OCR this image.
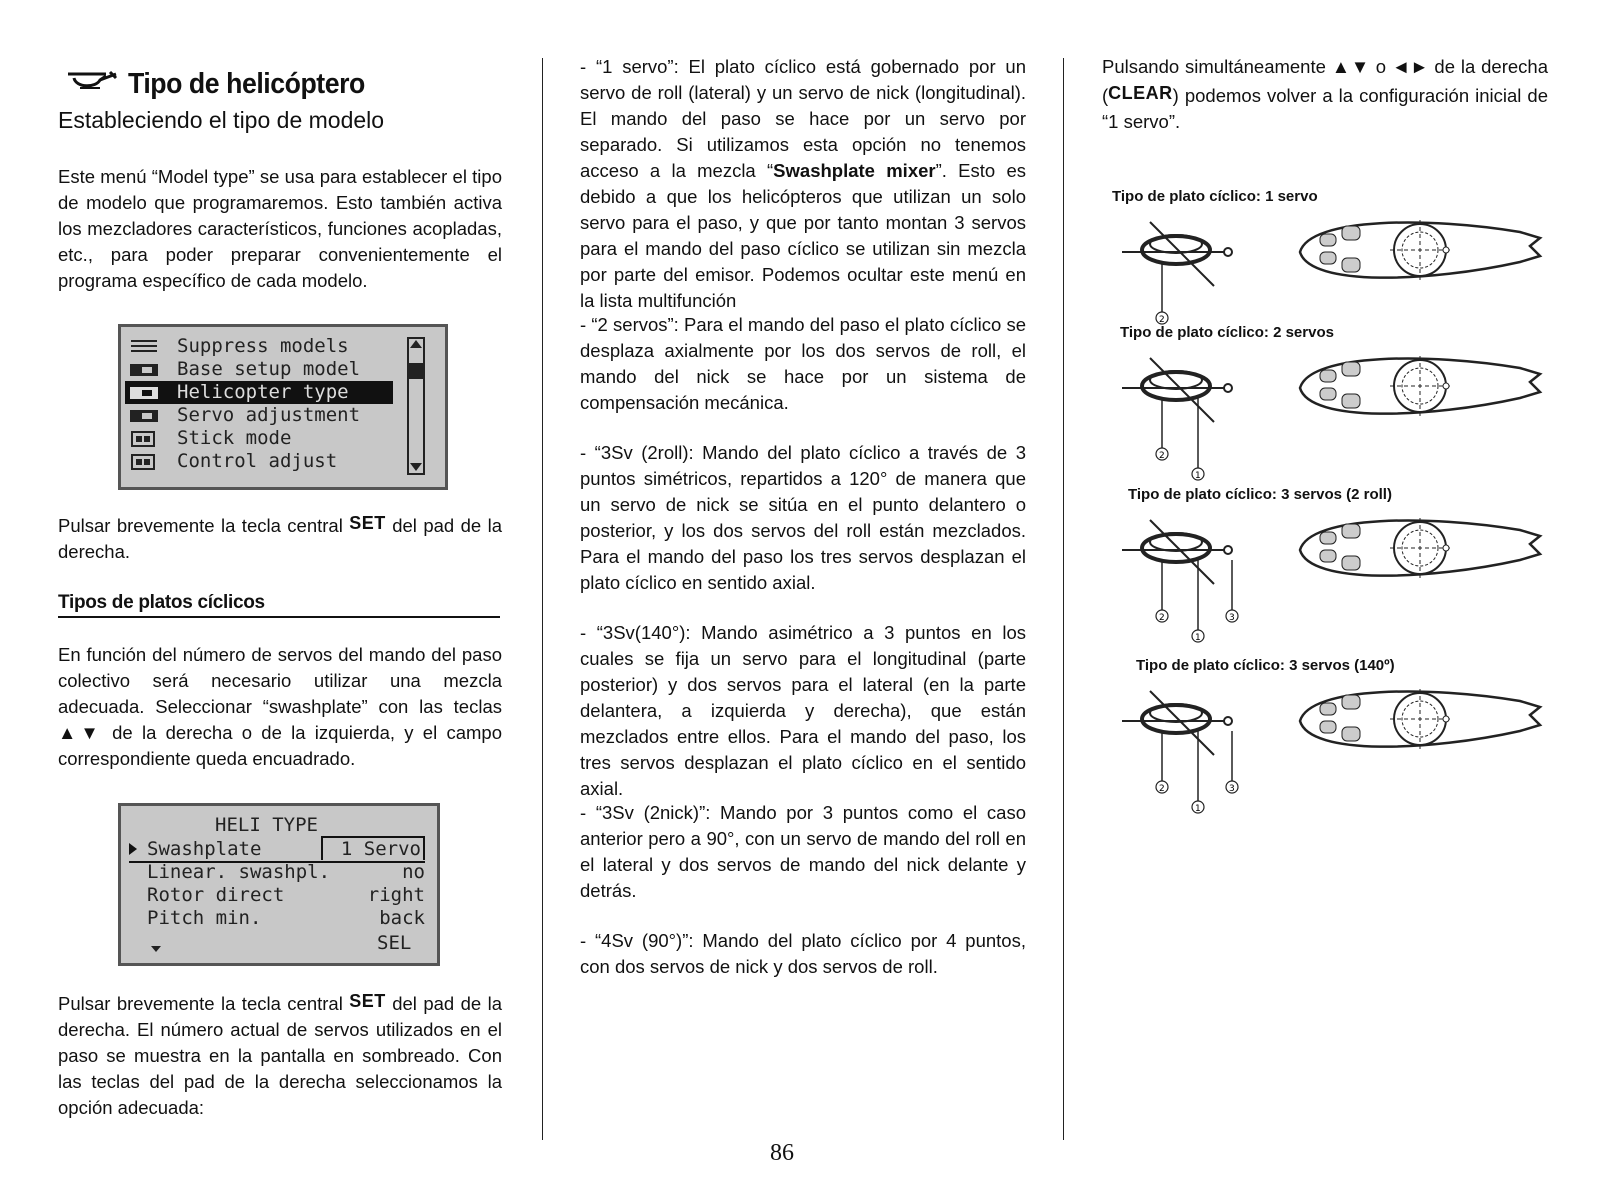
Tipo de helicóptero
Estableciendo el tipo de modelo

Este menú “Model type” se usa para establecer el tipo de modelo que programaremos. Esto también activa los mezcladores característicos, funciones acopladas, etc., para poder preparar convenientemente el programa específico de cada modelo.

Suppress models
Base setup model
Helicopter type
Servo adjustment
Stick mode
Control adjust

Pulsar brevemente la tecla central SET del pad de la derecha.

Tipos de platos cíclicos

En función del número de servos del mando del paso colectivo será necesario utilizar una mezcla adecuada. Seleccionar “swashplate” con las teclas ▲▼ de la derecha o de la izquierda, y el campo correspondiente queda encuadrado.

HELI TYPE
Swashplate	1 Servo
Linear. swashpl.	no
Rotor direct	right
Pitch min.	back
SEL

Pulsar brevemente la tecla central SET del pad de la derecha. El número actual de servos utilizados en el paso se muestra en la pantalla en sombreado. Con las teclas del pad de la derecha seleccionamos la opción adecuada:

- “1 servo”: El plato cíclico está gobernado por un servo de roll (lateral) y un servo de nick (longitudinal). El mando del paso se hace por un servo por separado. Si utilizamos esta opción no tenemos acceso a la mezcla “Swashplate mixer”. Esto es debido a que los helicópteros que utilizan un solo servo para el paso, y que por tanto montan 3 servos para el mando del paso cíclico se utilizan sin mezcla por parte del emisor. Podemos ocultar este menú en la lista multifunción

- “2 servos”: Para el mando del paso el plato cíclico se desplaza axialmente por los dos servos de roll, el mando del nick se hace por un sistema de compensación mecánica.

- “3Sv (2roll): Mando del plato cíclico a través de 3 puntos simétricos, repartidos a 120° de manera que un servo de nick se sitúa en el punto delantero o posterior, y los dos servos del roll están mezclados. Para el mando del paso los tres servos desplazan el plato cíclico en sentido axial.

- “3Sv(140°): Mando asimétrico a 3 puntos en los cuales se fija un servo para el longitudinal (parte posterior) y dos servos para el lateral (en la parte delantera, a izquierda y derecha), que están mezclados entre ellos. Para el mando del paso, los tres servos desplazan el plato cíclico en el sentido axial.

- “3Sv (2nick)”: Mando por 3 puntos como el caso anterior pero a 90°, con un servo de mando del roll en el lateral y dos servos de mando del nick delante y detrás.

- “4Sv (90°)”: Mando del plato cíclico por 4 puntos, con dos servos de nick y dos servos de roll.

Pulsando simultáneamente ▲▼ o ◄► de la derecha (CLEAR) podemos volver a la configuración inicial de “1 servo”.

Tipo de plato cíclico: 1 servo
2
Tipo de plato cíclico: 2 servos
2
1
Tipo de plato cíclico: 3 servos (2 roll)
2
1
3
Tipo de plato cíclico: 3 servos (140º)
2
1
3
86
